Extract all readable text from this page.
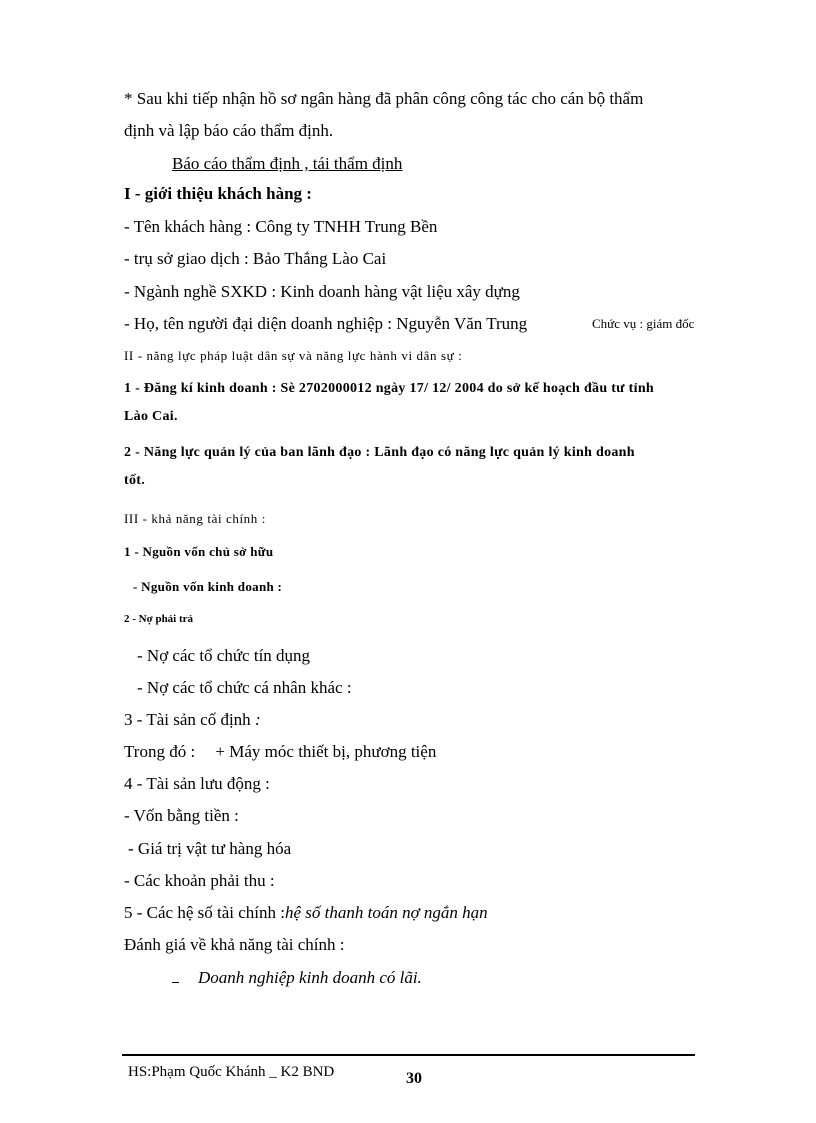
* Sau khi tiếp nhận hồ sơ ngân hàng đã phân công công tác cho cán bộ thẩm
định và lập báo cáo thẩm định.
Báo cáo thẩm định , tái thẩm định
I - giới thiệu khách hàng :
- Tên khách hàng : Công ty TNHH Trung Bền
- trụ sở giao dịch : Bảo Thắng Lào Cai
- Ngành nghề SXKD : Kinh doanh hàng vật liệu xây dựng
- Họ, tên người đại diện doanh nghiệp : Nguyễn Văn Trung	Chức vụ : giám đốc
II - năng lực pháp luật dân sự và năng lực hành vi dân sự :
1 - Đăng kí kinh doanh : Sè 2702000012 ngày 17/ 12/ 2004 do sở kế hoạch đầu tư tỉnh
Lào Cai.
2 - Năng lực quản lý của ban lãnh đạo : Lãnh đạo có năng lực quản lý kinh doanh
tốt.
III - khả năng tài chính :
1 - Nguồn vốn chủ sở hữu
- Nguồn vốn kinh doanh :
2 - Nợ phải trả
- Nợ các tổ chức tín dụng
- Nợ các tổ chức cá nhân khác :
3 - Tài sản cố định :
Trong đó : + Máy móc thiết bị, phương tiện
4 - Tài sản lưu động :
- Vốn bằng tiền :
- Giá trị vật tư hàng hóa
- Các khoản phải thu :
5 - Các hệ số tài chính :hệ số thanh toán nợ ngắn hạn
Đánh giá về khả năng tài chính :
Doanh nghiệp kinh doanh có lãi.
HS:Phạm Quốc Khánh _ K2 BND	30
